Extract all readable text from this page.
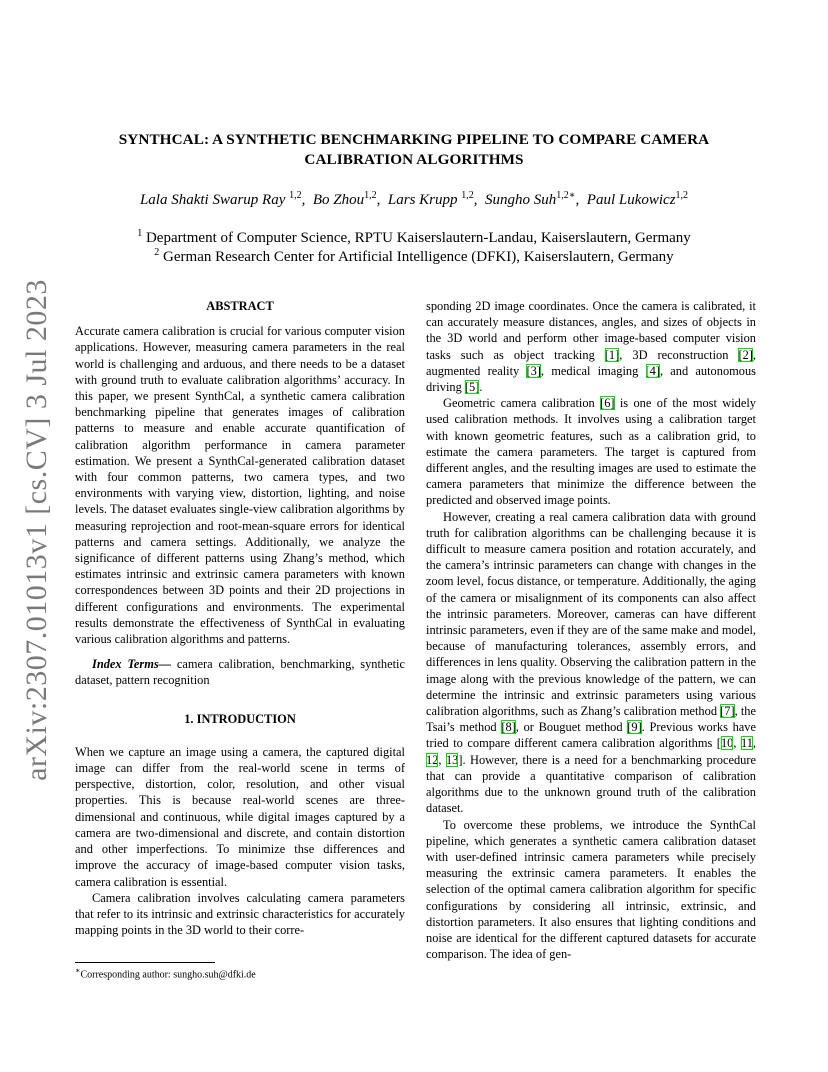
arXiv:2307.01013v1 [cs.CV] 3 Jul 2023
SYNTHCAL: A SYNTHETIC BENCHMARKING PIPELINE TO COMPARE CAMERA
CALIBRATION ALGORITHMS
Lala Shakti Swarup Ray $^{1,2}$,  Bo Zhou$^{1,2}$,  Lars Krupp $^{1,2}$,  Sungho Suh$^{1,2∗}$,  Paul Lukowicz$^{1,2}$
$^1$ Department of Computer Science, RPTU Kaiserslautern-Landau, Kaiserslautern, Germany
$^2$ German Research Center for Artificial Intelligence (DFKI), Kaiserslautern, Germany

ABSTRACT

Accurate camera calibration is crucial for various computer vision applications. However, measuring camera parameters in the real world is challenging and arduous, and there needs to be a dataset with ground truth to evaluate calibration algorithms’ accuracy. In this paper, we present SynthCal, a synthetic camera calibration benchmarking pipeline that generates images of calibration patterns to measure and enable accurate quantification of calibration algorithm performance in camera parameter estimation. We present a SynthCal-generated calibration dataset with four common patterns, two camera types, and two environments with varying view, distortion, lighting, and noise levels. The dataset evaluates single-view calibration algorithms by measuring reprojection and root-mean-square errors for identical patterns and camera settings. Additionally, we analyze the significance of different patterns using Zhang’s method, which estimates intrinsic and extrinsic camera parameters with known correspondences between 3D points and their 2D projections in different configurations and environments. The experimental results demonstrate the effectiveness of SynthCal in evaluating various calibration algorithms and patterns.

Index Terms— camera calibration, benchmarking, synthetic dataset, pattern recognition

1. INTRODUCTION

When we capture an image using a camera, the captured digital image can differ from the real-world scene in terms of perspective, distortion, color, resolution, and other visual properties. This is because real-world scenes are three-dimensional and continuous, while digital images captured by a camera are two-dimensional and discrete, and contain distortion and other imperfections. To minimize thse differences and improve the accuracy of image-based computer vision tasks, camera calibration is essential.

Camera calibration involves calculating camera parameters that refer to its intrinsic and extrinsic characteristics for accurately mapping points in the 3D world to their corre-

sponding 2D image coordinates. Once the camera is calibrated, it can accurately measure distances, angles, and sizes of objects in the 3D world and perform other image-based computer vision tasks such as object tracking [1], 3D reconstruction [2], augmented reality [3], medical imaging [4], and autonomous driving [5].

Geometric camera calibration [6] is one of the most widely used calibration methods. It involves using a calibration target with known geometric features, such as a calibration grid, to estimate the camera parameters. The target is captured from different angles, and the resulting images are used to estimate the camera parameters that minimize the difference between the predicted and observed image points.

However, creating a real camera calibration data with ground truth for calibration algorithms can be challenging because it is difficult to measure camera position and rotation accurately, and the camera’s intrinsic parameters can change with changes in the zoom level, focus distance, or temperature. Additionally, the aging of the camera or misalignment of its components can also affect the intrinsic parameters. Moreover, cameras can have different intrinsic parameters, even if they are of the same make and model, because of manufacturing tolerances, assembly errors, and differences in lens quality. Observing the calibration pattern in the image along with the previous knowledge of the pattern, we can determine the intrinsic and extrinsic parameters using various calibration algorithms, such as Zhang’s calibration method [7], the Tsai’s method [8], or Bouguet method [9]. Previous works have tried to compare different camera calibration algorithms [10, 11, 12, 13]. However, there is a need for a benchmarking procedure that can provide a quantitative comparison of calibration algorithms due to the unknown ground truth of the calibration dataset.

To overcome these problems, we introduce the SynthCal pipeline, which generates a synthetic camera calibration dataset with user-defined intrinsic camera parameters while precisely measuring the extrinsic camera parameters. It enables the selection of the optimal camera calibration algorithm for specific configurations by considering all intrinsic, extrinsic, and distortion parameters. It also ensures that lighting conditions and noise are identical for the different captured datasets for accurate comparison. The idea of gen-

∗Corresponding author: sungho.suh@dfki.de
